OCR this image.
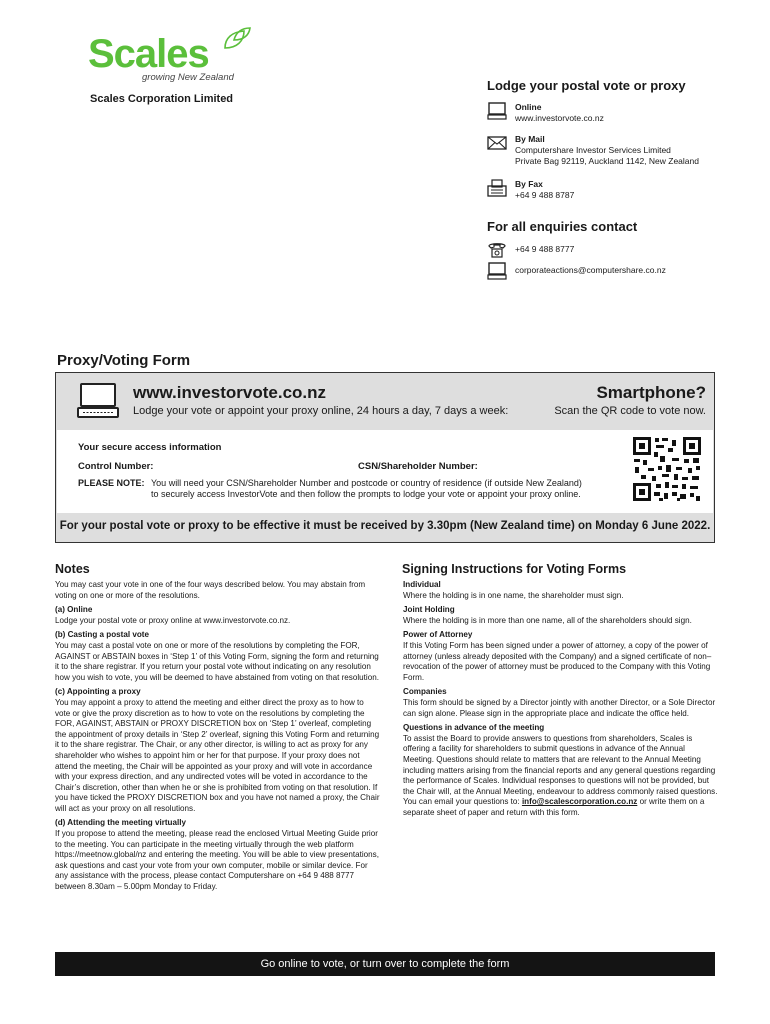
Scales
growing New Zealand
Scales Corporation Limited
Lodge your postal vote or proxy
Online
www.investorvote.co.nz
By Mail
Computershare Investor Services Limited
Private Bag 92119, Auckland 1142, New Zealand
By Fax
+64 9 488 8787
For all enquiries contact
+64 9 488 8777
corporateactions@computershare.co.nz
Proxy/Voting Form
www.investorvote.co.nz
Lodge your vote or appoint your proxy online, 24 hours a day, 7 days a week:
Smartphone?
Scan the QR code to vote now.
Your secure access information
Control Number:	CSN/Shareholder Number:
PLEASE NOTE: You will need your CSN/Shareholder Number and postcode or country of residence (if outside New Zealand)
to securely access InvestorVote and then follow the prompts to lodge your vote or appoint your proxy online.
For your postal vote or proxy to be effective it must be received by 3.30pm (New Zealand time) on Monday 6 June 2022.
Notes

You may cast your vote in one of the four ways described below. You may abstain from voting on one or more of the resolutions.

(a) Online
Lodge your postal vote or proxy online at www.investorvote.co.nz.

(b) Casting a postal vote
You may cast a postal vote on one or more of the resolutions by completing the FOR, AGAINST or ABSTAIN boxes in ‘Step 1’ of this Voting Form, signing the form and returning it to the share registrar. If you return your postal vote without indicating on any resolution how you wish to vote, you will be deemed to have abstained from voting on that resolution.

(c) Appointing a proxy
You may appoint a proxy to attend the meeting and either direct the proxy as to how to vote or give the proxy discretion as to how to vote on the resolutions by completing the FOR, AGAINST, ABSTAIN or PROXY DISCRETION box on ‘Step 1’ overleaf, completing the appointment of proxy details in ‘Step 2’ overleaf, signing this Voting Form and returning it to the share registrar. The Chair, or any other director, is willing to act as proxy for any shareholder who wishes to appoint him or her for that purpose. If your proxy does not attend the meeting, the Chair will be appointed as your proxy and will vote in accordance with your express direction, and any undirected votes will be voted in accordance to the Chair’s discretion, other than when he or she is prohibited from voting on that resolution. If you have ticked the PROXY DISCRETION box and you have not named a proxy, the Chair will act as your proxy on all resolutions.

(d) Attending the meeting virtually
If you propose to attend the meeting, please read the enclosed Virtual Meeting Guide prior to the meeting. You can participate in the meeting virtually through the web platform https://meetnow.global/nz and entering the meeting. You will be able to view presentations, ask questions and cast your vote from your own computer, mobile or similar device. For any assistance with the process, please contact Computershare on +64 9 488 8777 between 8.30am – 5.00pm Monday to Friday.

Signing Instructions for Voting Forms

Individual
Where the holding is in one name, the shareholder must sign.

Joint Holding
Where the holding is in more than one name, all of the shareholders should sign.

Power of Attorney
If this Voting Form has been signed under a power of attorney, a copy of the power of attorney (unless already deposited with the Company) and a signed certificate of non–revocation of the power of attorney must be produced to the Company with this Voting Form.

Companies
This form should be signed by a Director jointly with another Director, or a Sole Director can sign alone. Please sign in the appropriate place and indicate the office held.

Questions in advance of the meeting
To assist the Board to provide answers to questions from shareholders, Scales is offering a facility for shareholders to submit questions in advance of the Annual Meeting. Questions should relate to matters that are relevant to the Annual Meeting including matters arising from the financial reports and any general questions regarding the performance of Scales. Individual responses to questions will not be provided, but the Chair will, at the Annual Meeting, endeavour to address commonly raised questions. You can email your questions to: info@scalescorporation.co.nz or write them on a separate sheet of paper and return with this form.

Go online to vote, or turn over to complete the form
